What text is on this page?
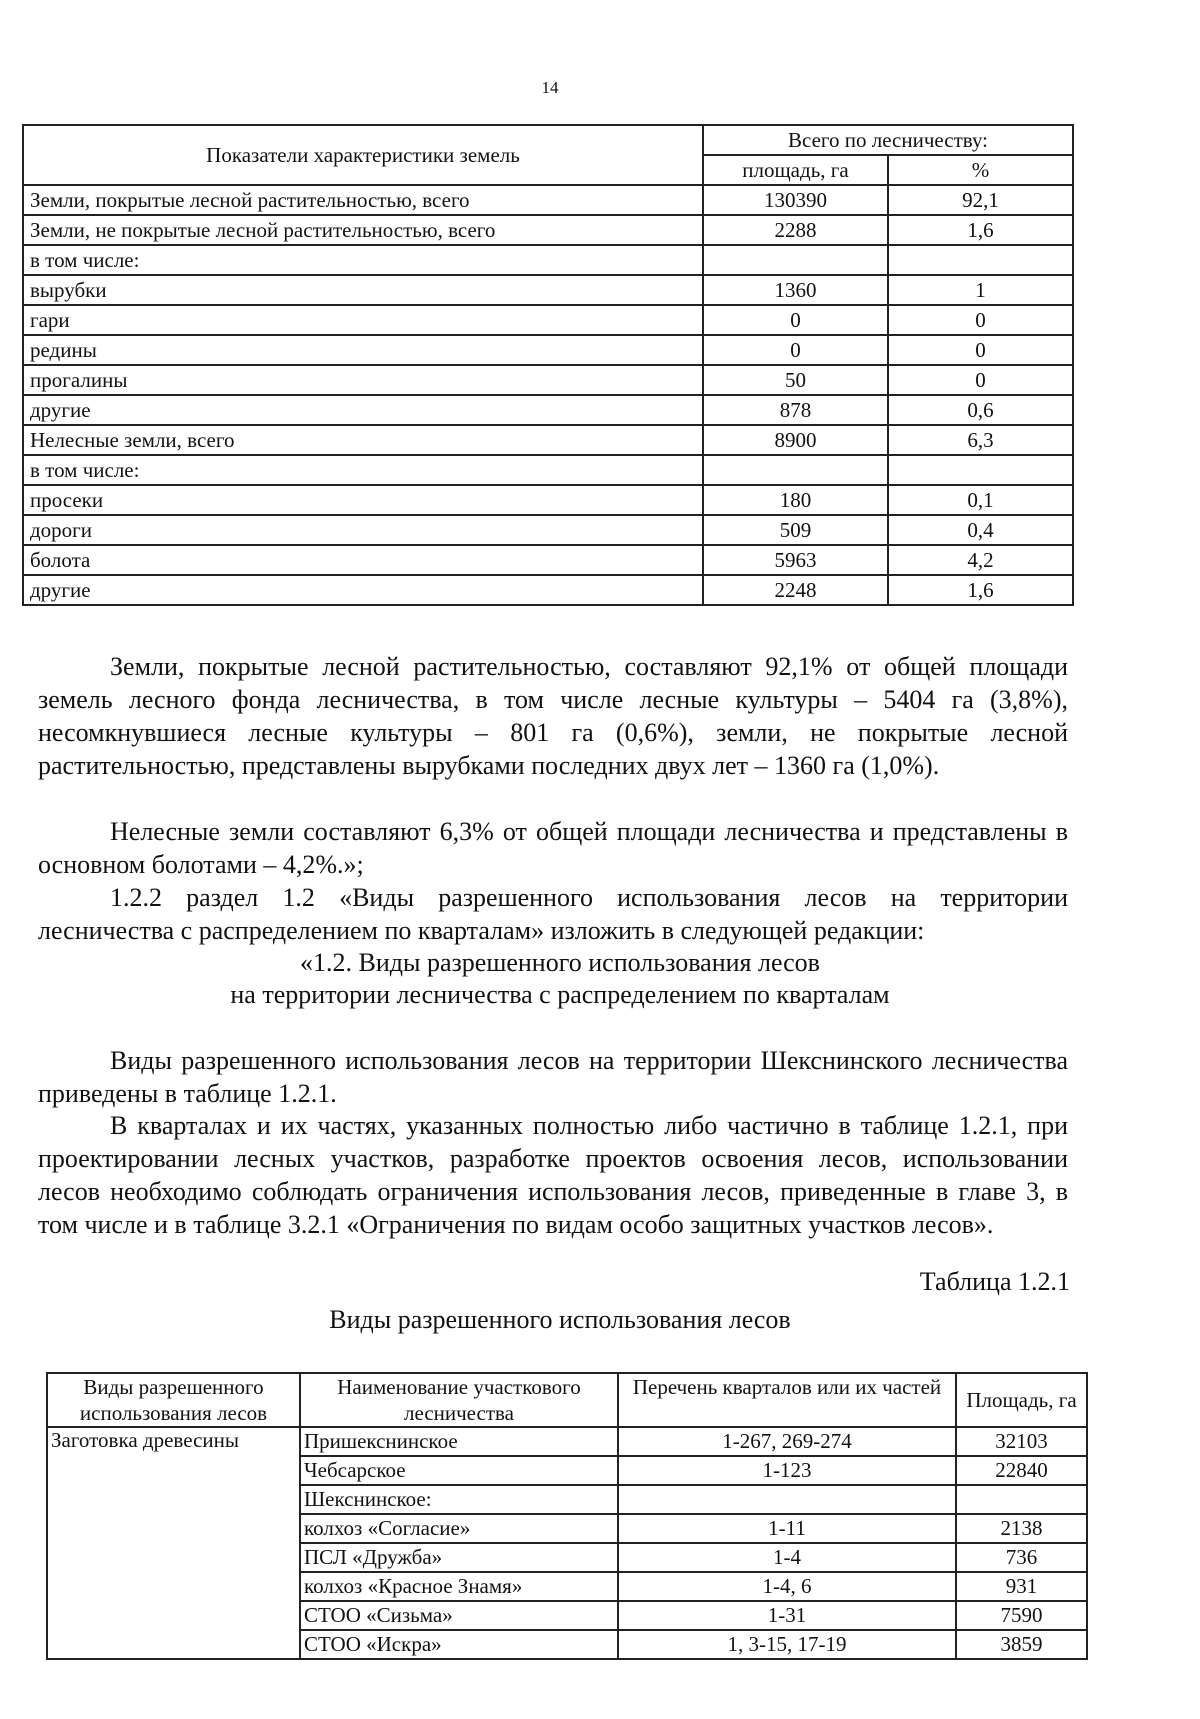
14
Показатели характеристики земель	Всего по лесничеству:	
	площадь, га	%
Земли, покрытые лесной растительностью, всего	130390	92,1
Земли, не покрытые лесной растительностью, всего	2288	1,6
в том числе:		
вырубки	1360	1
гари	0	0
редины	0	0
прогалины	50	0
другие	878	0,6
Нелесные земли, всего	8900	6,3
в том числе:		
просеки	180	0,1
дороги	509	0,4
болота	5963	4,2
другие	2248	1,6
Земли, покрытые лесной растительностью, составляют 92,1% от общей площади земель лесного фонда лесничества, в том числе лесные культуры – 5404 га (3,8%), несомкнувшиеся лесные культуры – 801 га (0,6%), земли, не покрытые лесной растительностью, представлены вырубками последних двух лет – 1360 га (1,0%).
Нелесные земли составляют 6,3% от общей площади лесничества и представлены в основном болотами – 4,2%.»;
1.2.2 раздел 1.2 «Виды разрешенного использования лесов на территории лесничества с распределением по кварталам» изложить в следующей редакции:
«1.2. Виды разрешенного использования лесов
на территории лесничества с распределением по кварталам
Виды разрешенного использования лесов на территории Шекснинского лесничества приведены в таблице 1.2.1.
В кварталах и их частях, указанных полностью либо частично в таблице 1.2.1, при проектировании лесных участков, разработке проектов освоения лесов, использовании лесов необходимо соблюдать ограничения использования лесов, приведенные в главе 3, в том числе и в таблице 3.2.1 «Ограничения по видам особо защитных участков лесов».
Таблица 1.2.1
Виды разрешенного использования лесов
Виды разрешенного использования лесов	Наименование участкового лесничества	Перечень кварталов или их частей	Площадь, га
Заготовка древесины	Пришекснинское	1-267, 269-274	32103
	Чебсарское	1-123	22840
	Шекснинское:		
	колхоз «Согласие»	1-11	2138
	ПСЛ «Дружба»	1-4	736
	колхоз «Красное Знамя»	1-4, 6	931
	СТОО «Сизьма»	1-31	7590
	СТОО «Искра»	1, 3-15, 17-19	3859
